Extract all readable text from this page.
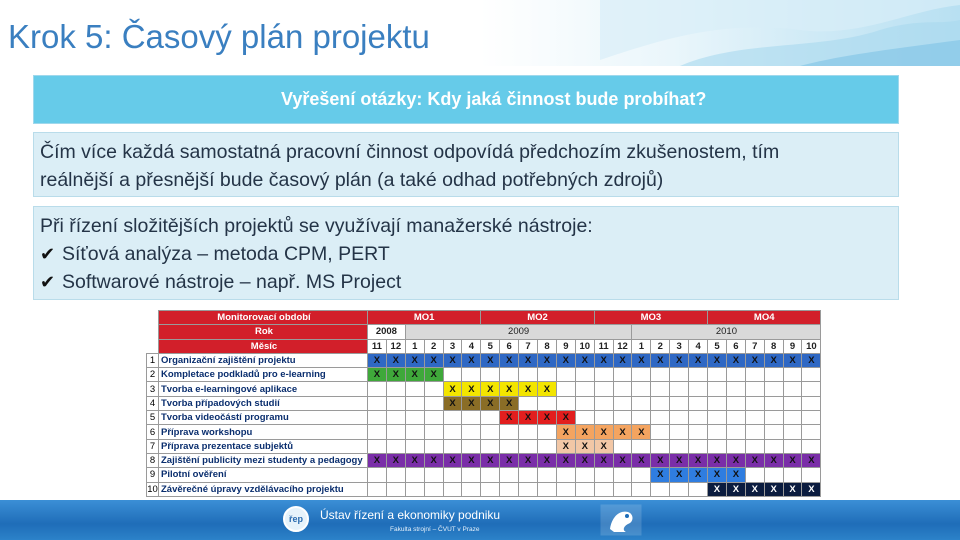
Krok 5: Časový plán projektu
Vyřešení otázky: Kdy jaká činnost bude probíhat?

Čím více každá samostatná pracovní činnost odpovídá předchozím zkušenostem, tím

reálnější a přesnější bude časový plán (a také odhad potřebných zdrojů)

Při řízení složitějších projektů se využívají manažerské nástroje:

✔ Síťová analýza – metoda CPM, PERT
✔ Softwarové nástroje – např. MS Project
	Monitorovací období	MO1						MO2						MO3						MO4					
	Rok	2008		2009												2010									
	Měsíc	11	12	1	2	3	4	5	6	7	8	9	10	11	12	1	2	3	4	5	6	7	8	9	10
1	Organizační zajištění projektu	X	X	X	X	X	X	X	X	X	X	X	X	X	X	X	X	X	X	X	X	X	X	X	X
2	Kompletace podkladů pro e-learning	X	X	X	X																				
3	Tvorba e-learningové aplikace					X	X	X	X	X	X														
4	Tvorba případových studií					X	X	X	X																
5	Tvorba videočástí programu								X	X	X	X													
6	Příprava workshopu											X	X	X	X	X									
7	Příprava prezentace subjektů											X	X	X											
8	Zajištění publicity mezi studenty a pedagogy	X	X	X	X	X	X	X	X	X	X	X	X	X	X	X	X	X	X	X	X	X	X	X	X
9	Pilotní ověření																X	X	X	X	X				
10	Závěrečné úpravy vzdělávacího projektu																			X	X	X	X	X	X
řep	Ústav řízení a ekonomiky podniku
Fakulta strojní – ČVUT v Praze
